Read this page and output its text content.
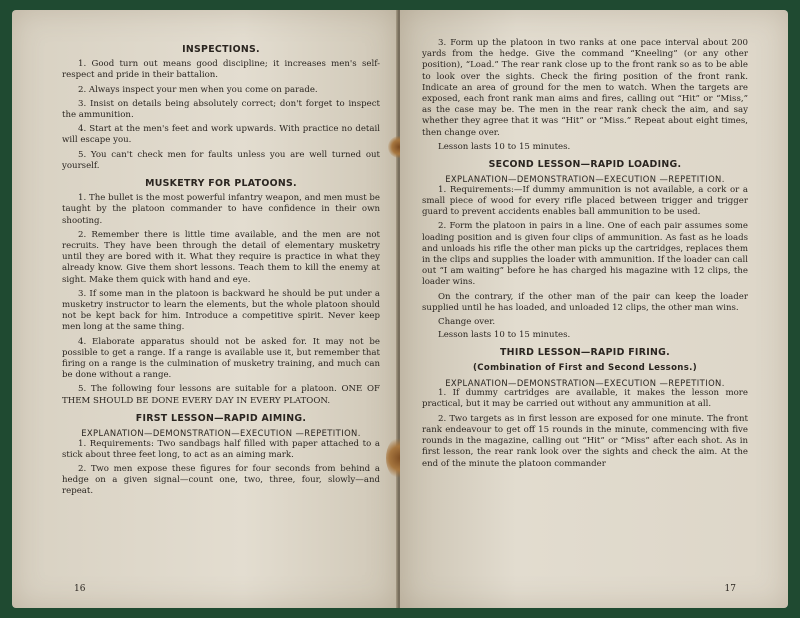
INSPECTIONS.

1. Good turn out means good discipline; it increases men's self-respect and pride in their battalion.

2. Always inspect your men when you come on parade.

3. Insist on details being absolutely correct; don't forget to inspect the ammunition.

4. Start at the men's feet and work upwards. With practice no detail will escape you.

5. You can't check men for faults unless you are well turned out yourself.

MUSKETRY FOR PLATOONS.

1. The bullet is the most powerful infantry weapon, and men must be taught by the platoon commander to have confidence in their own shooting.

2. Remember there is little time available, and the men are not recruits. They have been through the detail of elementary musketry until they are bored with it. What they require is practice in what they already know. Give them short lessons. Teach them to kill the enemy at sight. Make them quick with hand and eye.

3. If some man in the platoon is backward he should be put under a musketry instructor to learn the elements, but the whole platoon should not be kept back for him. Introduce a competitive spirit. Never keep men long at the same thing.

4. Elaborate apparatus should not be asked for. It may not be possible to get a range. If a range is available use it, but remember that firing on a range is the culmination of musketry training, and much can be done without a range.

5. The following four lessons are suitable for a platoon. ONE OF THEM SHOULD BE DONE EVERY DAY IN EVERY PLATOON.

FIRST LESSON—RAPID AIMING.

EXPLANATION—DEMONSTRATION—EXECUTION —REPETITION.

1. Requirements: Two sandbags half filled with paper attached to a stick about three feet long, to act as an aiming mark.

2. Two men expose these figures for four seconds from behind a hedge on a given signal—count one, two, three, four, slowly—and repeat.

16

3. Form up the platoon in two ranks at one pace interval about 200 yards from the hedge. Give the command “Kneeling” (or any other position), “Load.” The rear rank close up to the front rank so as to be able to look over the sights. Check the firing position of the front rank. Indicate an area of ground for the men to watch. When the targets are exposed, each front rank man aims and fires, calling out “Hit” or “Miss,” as the case may be. The men in the rear rank check the aim, and say whether they agree that it was “Hit” or “Miss.” Repeat about eight times, then change over.

Lesson lasts 10 to 15 minutes.

SECOND LESSON—RAPID LOADING.

EXPLANATION—DEMONSTRATION—EXECUTION —REPETITION.

1. Requirements:—If dummy ammunition is not available, a cork or a small piece of wood for every rifle placed between trigger and trigger guard to prevent accidents enables ball ammunition to be used.

2. Form the platoon in pairs in a line. One of each pair assumes some loading position and is given four clips of ammunition. As fast as he loads and unloads his rifle the other man picks up the cartridges, replaces them in the clips and supplies the loader with ammunition. If the loader can call out “I am waiting” before he has charged his magazine with 12 clips, the loader wins.

On the contrary, if the other man of the pair can keep the loader supplied until he has loaded, and unloaded 12 clips, the other man wins.

Change over.

Lesson lasts 10 to 15 minutes.

THIRD LESSON—RAPID FIRING.
(Combination of First and Second Lessons.)

EXPLANATION—DEMONSTRATION—EXECUTION —REPETITION.

1. If dummy cartridges are available, it makes the lesson more practical, but it may be carried out without any ammunition at all.

2. Two targets as in first lesson are exposed for one minute. The front rank endeavour to get off 15 rounds in the minute, commencing with five rounds in the magazine, calling out “Hit” or “Miss” after each shot. As in first lesson, the rear rank look over the sights and check the aim. At the end of the minute the platoon commander

17
